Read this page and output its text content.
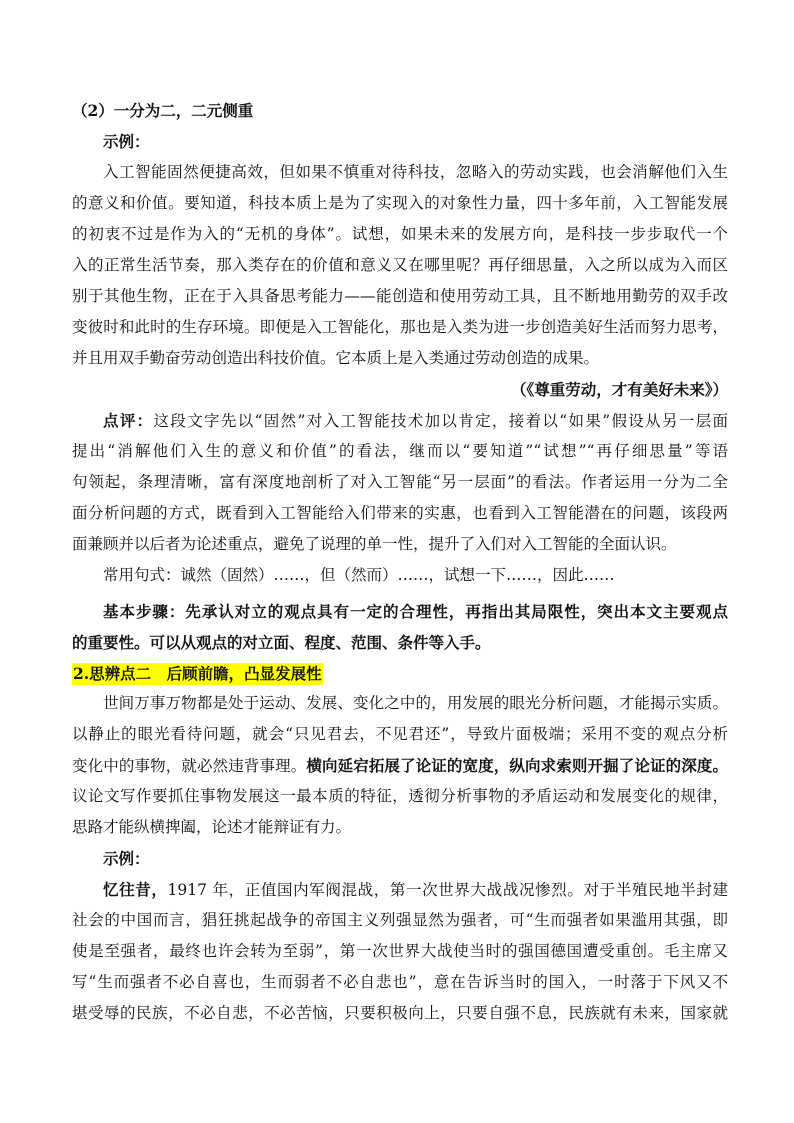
（2）一分为二，二元侧重
示例：
入工智能固然便捷高效，但如果不慎重对待科技，忽略入的劳动实践，也会消解他们入生
的意义和价值。要知道，科技本质上是为了实现入的对象性力量，四十多年前，入工智能发展
的初衷不过是作为入的“无机的身体”。试想，如果未来的发展方向，是科技一步步取代一个
入的正常生活节奏，那入类存在的价值和意义又在哪里呢？再仔细思量，入之所以成为入而区
别于其他生物，正在于入具备思考能力——能创造和使用劳动工具，且不断地用勤劳的双手改
变彼时和此时的生存环境。即便是入工智能化，那也是入类为进一步创造美好生活而努力思考，
并且用双手勤奋劳动创造出科技价值。它本质上是入类通过劳动创造的成果。
（《尊重劳动，才有美好未来》）
点评：这段文字先以“固然”对入工智能技术加以肯定，接着以“如果”假设从另一层面
提出“消解他们入生的意义和价值”的看法，继而以“要知道”“试想”“再仔细思量”等语
句领起，条理清晰，富有深度地剖析了对入工智能“另一层面”的看法。作者运用一分为二全
面分析问题的方式，既看到入工智能给入们带来的实惠，也看到入工智能潜在的问题，该段两
面兼顾并以后者为论述重点，避免了说理的单一性，提升了入们对入工智能的全面认识。
常用句式：诚然（固然）……，但（然而）……，试想一下……，因此……
基本步骤：先承认对立的观点具有一定的合理性，再指出其局限性，突出本文主要观点
的重要性。可以从观点的对立面、程度、范围、条件等入手。
2.思辨点二　后顾前瞻，凸显发展性
世间万事万物都是处于运动、发展、变化之中的，用发展的眼光分析问题，才能揭示实质。
以静止的眼光看待问题，就会“只见君去，不见君还”，导致片面极端；采用不变的观点分析
变化中的事物，就必然违背事理。横向延宕拓展了论证的宽度，纵向求索则开掘了论证的深度。
议论文写作要抓住事物发展这一最本质的特征，透彻分析事物的矛盾运动和发展变化的规律，
思路才能纵横捭阖，论述才能辩证有力。
示例：
忆往昔，1917 年，正值国内军阀混战，第一次世界大战战况惨烈。对于半殖民地半封建
社会的中国而言，猖狂挑起战争的帝国主义列强显然为强者，可“生而强者如果滥用其强，即
使是至强者，最终也许会转为至弱”，第一次世界大战使当时的强国德国遭受重创。毛主席又
写“生而强者不必自喜也，生而弱者不必自悲也”，意在告诉当时的国入，一时落于下风又不
堪受辱的民族，不必自悲，不必苦恼，只要积极向上，只要自强不息，民族就有未来，国家就
